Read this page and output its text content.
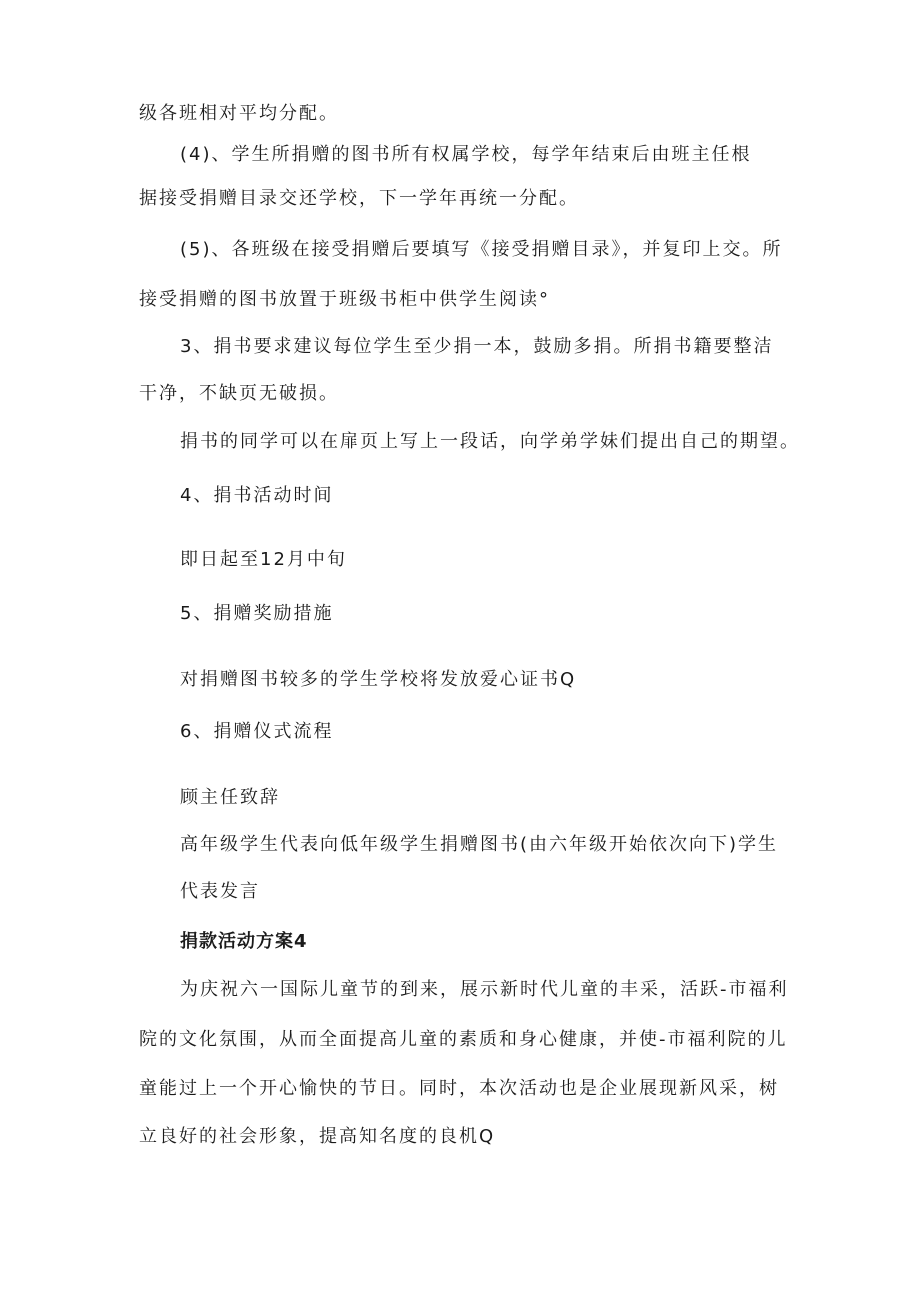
级各班相对平均分配。
(4)、学生所捐赠的图书所有权属学校，每学年结束后由班主任根
据接受捐赠目录交还学校，下一学年再统一分配。
(5)、各班级在接受捐赠后要填写《接受捐赠目录》，并复印上交。所
接受捐赠的图书放置于班级书柜中供学生阅读°
3、捐书要求建议每位学生至少捐一本，鼓励多捐。所捐书籍要整洁
干净，不缺页无破损。
捐书的同学可以在扉页上写上一段话，向学弟学妹们提出自己的期望。
4、捐书活动时间
即日起至12月中旬
5、捐赠奖励措施
对捐赠图书较多的学生学校将发放爱心证书Q
6、捐赠仪式流程
顾主任致辞
高年级学生代表向低年级学生捐赠图书(由六年级开始依次向下)学生
代表发言
捐款活动方案4
为庆祝六一国际儿童节的到来，展示新时代儿童的丰采，活跃-市福利
院的文化氛围，从而全面提高儿童的素质和身心健康，并使-市福利院的儿
童能过上一个开心愉快的节日。同时，本次活动也是企业展现新风采，树
立良好的社会形象，提高知名度的良机Q
